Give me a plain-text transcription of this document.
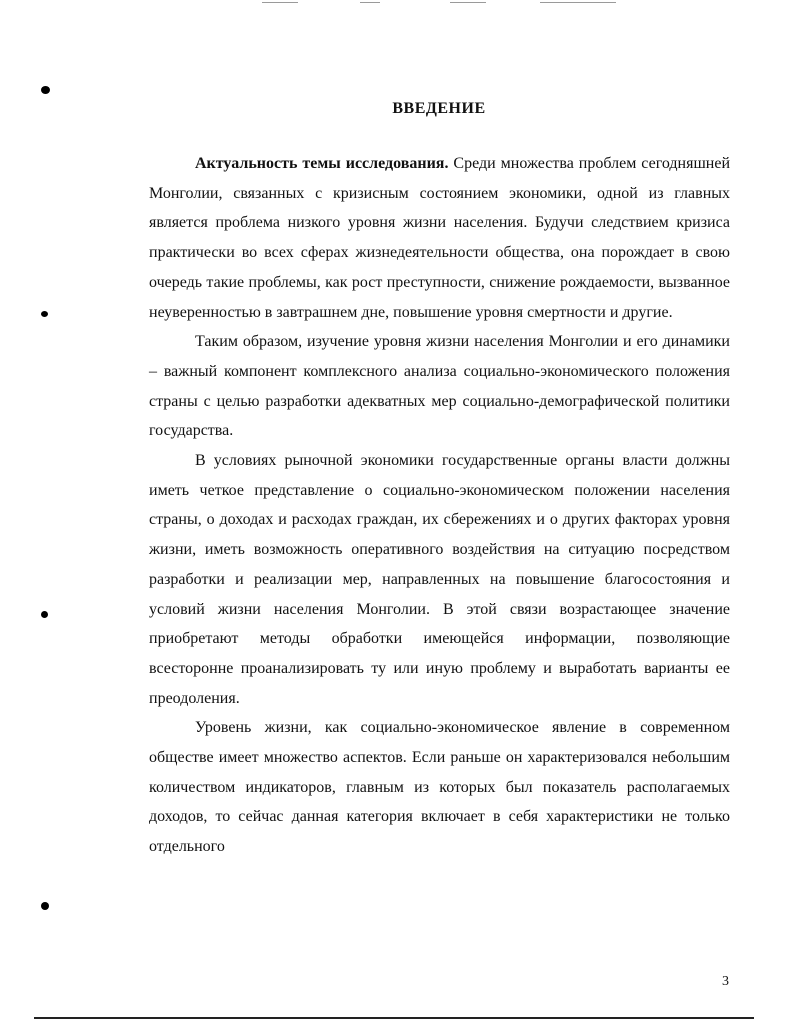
ВВЕДЕНИЕ

Актуальность темы исследования. Среди множества проблем сегодняшней Монголии, связанных с кризисным состоянием экономики, одной из главных является проблема низкого уровня жизни населения. Будучи следствием кризиса практически во всех сферах жизнедеятельности общества, она порождает в свою очередь такие проблемы, как рост преступности, снижение рождаемости, вызванное неуверенностью в завтрашнем дне, повышение уровня смертности и другие.

Таким образом, изучение уровня жизни населения Монголии и его динамики – важный компонент комплексного анализа социально-экономического положения страны с целью разработки адекватных мер социально-демографической политики государства.

В условиях рыночной экономики государственные органы власти должны иметь четкое представление о социально-экономическом положении населения страны, о доходах и расходах граждан, их сбережениях и о других факторах уровня жизни, иметь возможность оперативного воздействия на ситуацию посредством разработки и реализации мер, направленных на повышение благосостояния и условий жизни населения Монголии. В этой связи возрастающее значение приобретают методы обработки имеющейся информации, позволяющие всесторонне проанализировать ту или иную проблему и выработать варианты ее преодоления.

Уровень жизни, как социально-экономическое явление в современном обществе имеет множество аспектов. Если раньше он характеризовался небольшим количеством индикаторов, главным из которых был показатель располагаемых доходов, то сейчас данная категория включает в себя характеристики не только отдельного

3
